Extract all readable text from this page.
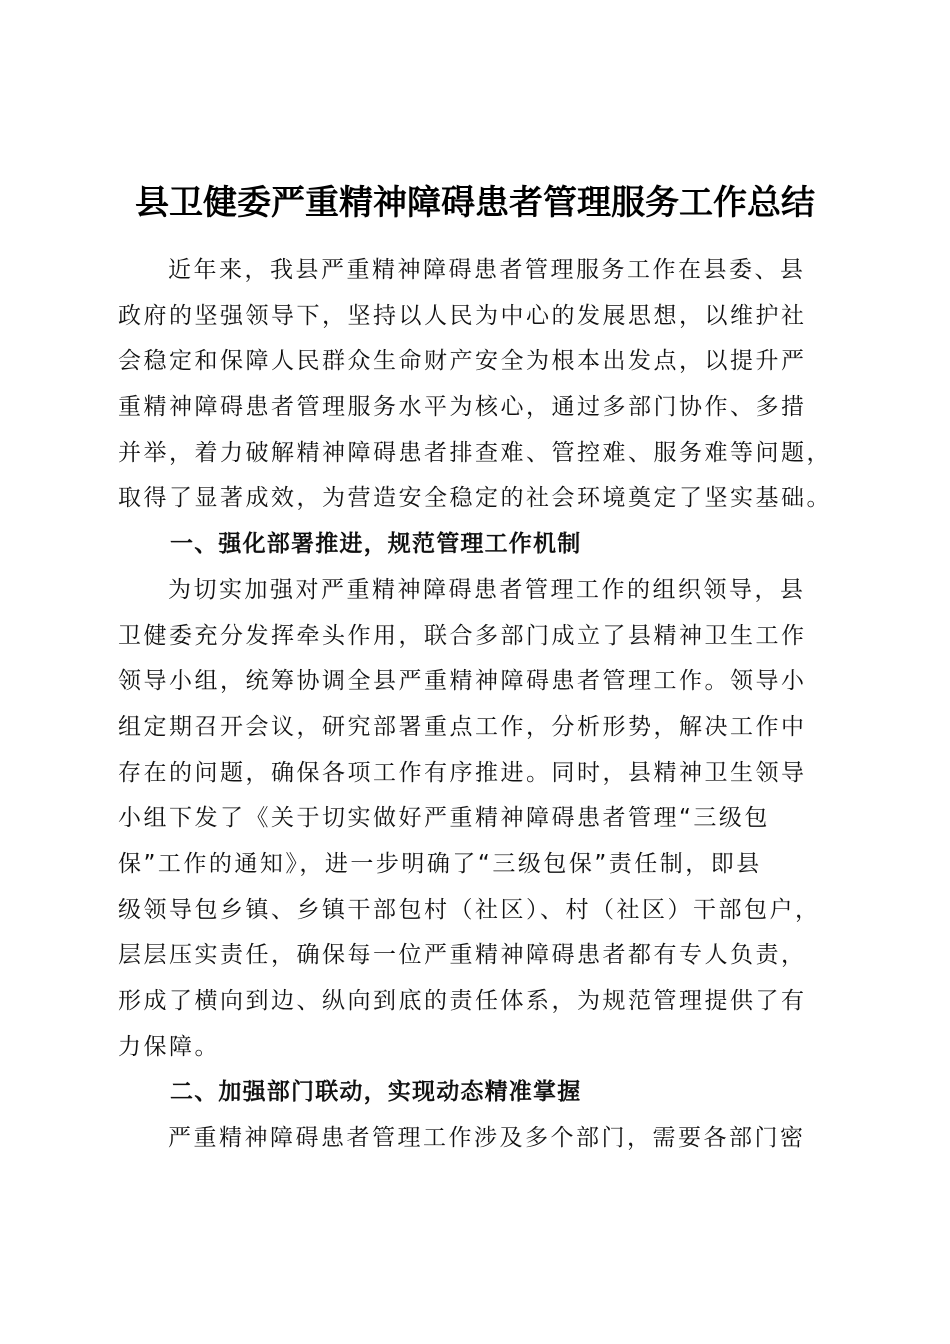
县卫健委严重精神障碍患者管理服务工作总结
近年来，我县严重精神障碍患者管理服务工作在县委、县
政府的坚强领导下，坚持以人民为中心的发展思想，以维护社
会稳定和保障人民群众生命财产安全为根本出发点，以提升严
重精神障碍患者管理服务水平为核心，通过多部门协作、多措
并举，着力破解精神障碍患者排查难、管控难、服务难等问题，
取得了显著成效，为营造安全稳定的社会环境奠定了坚实基础。
一、强化部署推进，规范管理工作机制
为切实加强对严重精神障碍患者管理工作的组织领导，县
卫健委充分发挥牵头作用，联合多部门成立了县精神卫生工作
领导小组，统筹协调全县严重精神障碍患者管理工作。领导小
组定期召开会议，研究部署重点工作，分析形势，解决工作中
存在的问题，确保各项工作有序推进。同时，县精神卫生领导
小组下发了《关于切实做好严重精神障碍患者管理“三级包
保”工作的通知》，进一步明确了“三级包保”责任制，即县
级领导包乡镇、乡镇干部包村（社区）、村（社区）干部包户，
层层压实责任，确保每一位严重精神障碍患者都有专人负责，
形成了横向到边、纵向到底的责任体系，为规范管理提供了有
力保障。
二、加强部门联动，实现动态精准掌握
严重精神障碍患者管理工作涉及多个部门，需要各部门密
